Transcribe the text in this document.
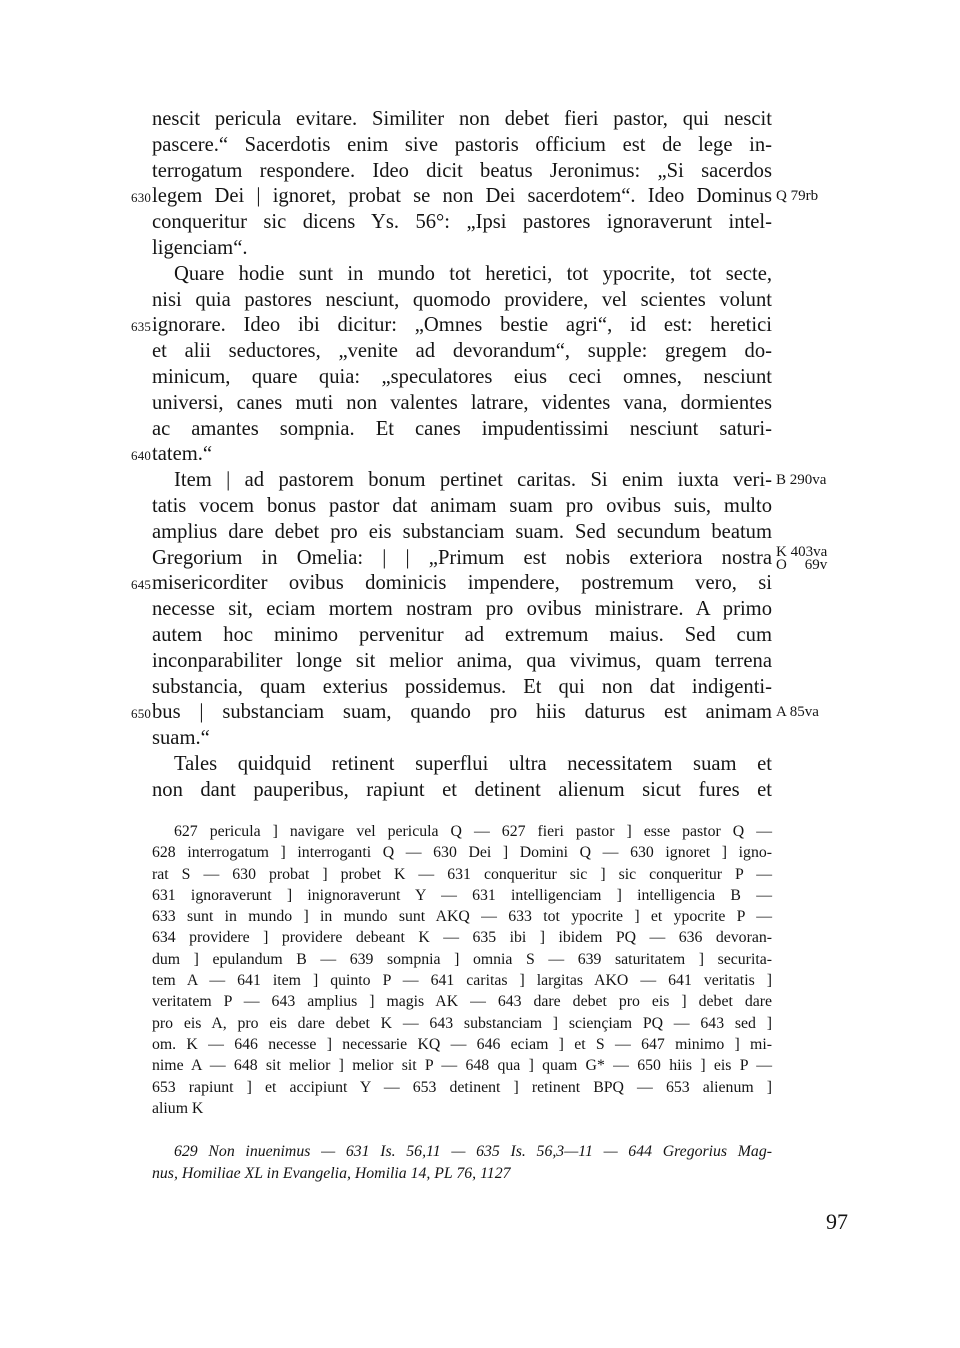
nescit pericula evitare. Similiter non debet fieri pastor, qui nescit
pascere.“ Sacerdotis enim sive pastoris officium est de lege in-
terrogatum respondere. Ideo dicit beatus Jeronimus: „Si sacerdos
legem Dei | ignoret, probat se non Dei sacerdotem“. Ideo Dominus
630	Q 79rb
conqueritur sic dicens Ys. 56°: „Ipsi pastores ignoraverunt intel-
ligenciam“.
Quare hodie sunt in mundo tot heretici, tot ypocrite, tot secte,
nisi quia pastores nesciunt, quomodo providere, vel scientes volunt
ignorare. Ideo ibi dicitur: „Omnes bestie agri“, id est: heretici
635
et alii seductores, „venite ad devorandum“, supple: gregem do-
minicum, quare quia: „speculatores eius ceci omnes, nesciunt
universi, canes muti non valentes latrare, videntes vana, dormientes
ac amantes sompnia. Et canes impudentissimi nesciunt saturi-
tatem.“
640
Item | ad pastorem bonum pertinet caritas. Si enim iuxta veri- B 290va
tatis vocem bonus pastor dat animam suam pro ovibus suis, multo
amplius dare debet pro eis substanciam suam. Sed secundum beatum
Gregorium in Omelia: | | „Primum est nobis exteriora nostra K 403va
O 69v
misericorditer ovibus dominicis impendere, postremum vero, si
645
necesse sit, eciam mortem nostram pro ovibus ministrare. A primo
autem hoc minimo pervenitur ad extremum maius. Sed cum
inconparabiliter longe sit melior anima, qua vivimus, quam terrena
substancia, quam exterius possidemus. Et qui non dat indigenti-
bus | substanciam suam, quando pro hiis daturus est animam
650	A 85va
suam.“
Tales quidquid retinent superflui ultra necessitatem suam et
non dant pauperibus, rapiunt et detinent alienum sicut fures et
627 pericula ] navigare vel pericula Q — 627 fieri pastor ] esse pastor Q —
628 interrogatum ] interroganti Q — 630 Dei ] Domini Q — 630 ignoret ] igno-
rat S — 630 probat ] probet K — 631 conqueritur sic ] sic conqueritur P —
631 ignoraverunt ] inignoraverunt Y — 631 intelligenciam ] intelligencia B —
633 sunt in mundo ] in mundo sunt AKQ — 633 tot ypocrite ] et ypocrite P —
634 providere ] providere debeant K — 635 ibi ] ibidem PQ — 636 devoran-
dum ] epulandum B — 639 sompnia ] omnia S — 639 saturitatem ] securita-
tem A — 641 item ] quinto P — 641 caritas ] largitas AKO — 641 veritatis ]
veritatem P — 643 amplius ] magis AK — 643 dare debet pro eis ] debet dare
pro eis A, pro eis dare debet K — 643 substanciam ] sciençiam PQ — 643 sed ]
om. K — 646 necesse ] necessarie KQ — 646 eciam ] et S — 647 minimo ] mi-
nime A — 648 sit melior ] melior sit P — 648 qua ] quam G* — 650 hiis ] eis P —
653 rapiunt ] et accipiunt Y — 653 detinent ] retinent BPQ — 653 alienum ]
alium K
629 Non inuenimus — 631 Is. 56,11 — 635 Is. 56,3—11 — 644 Gregorius Mag-
nus, Homiliae XL in Evangelia, Homilia 14, PL 76, 1127
97
